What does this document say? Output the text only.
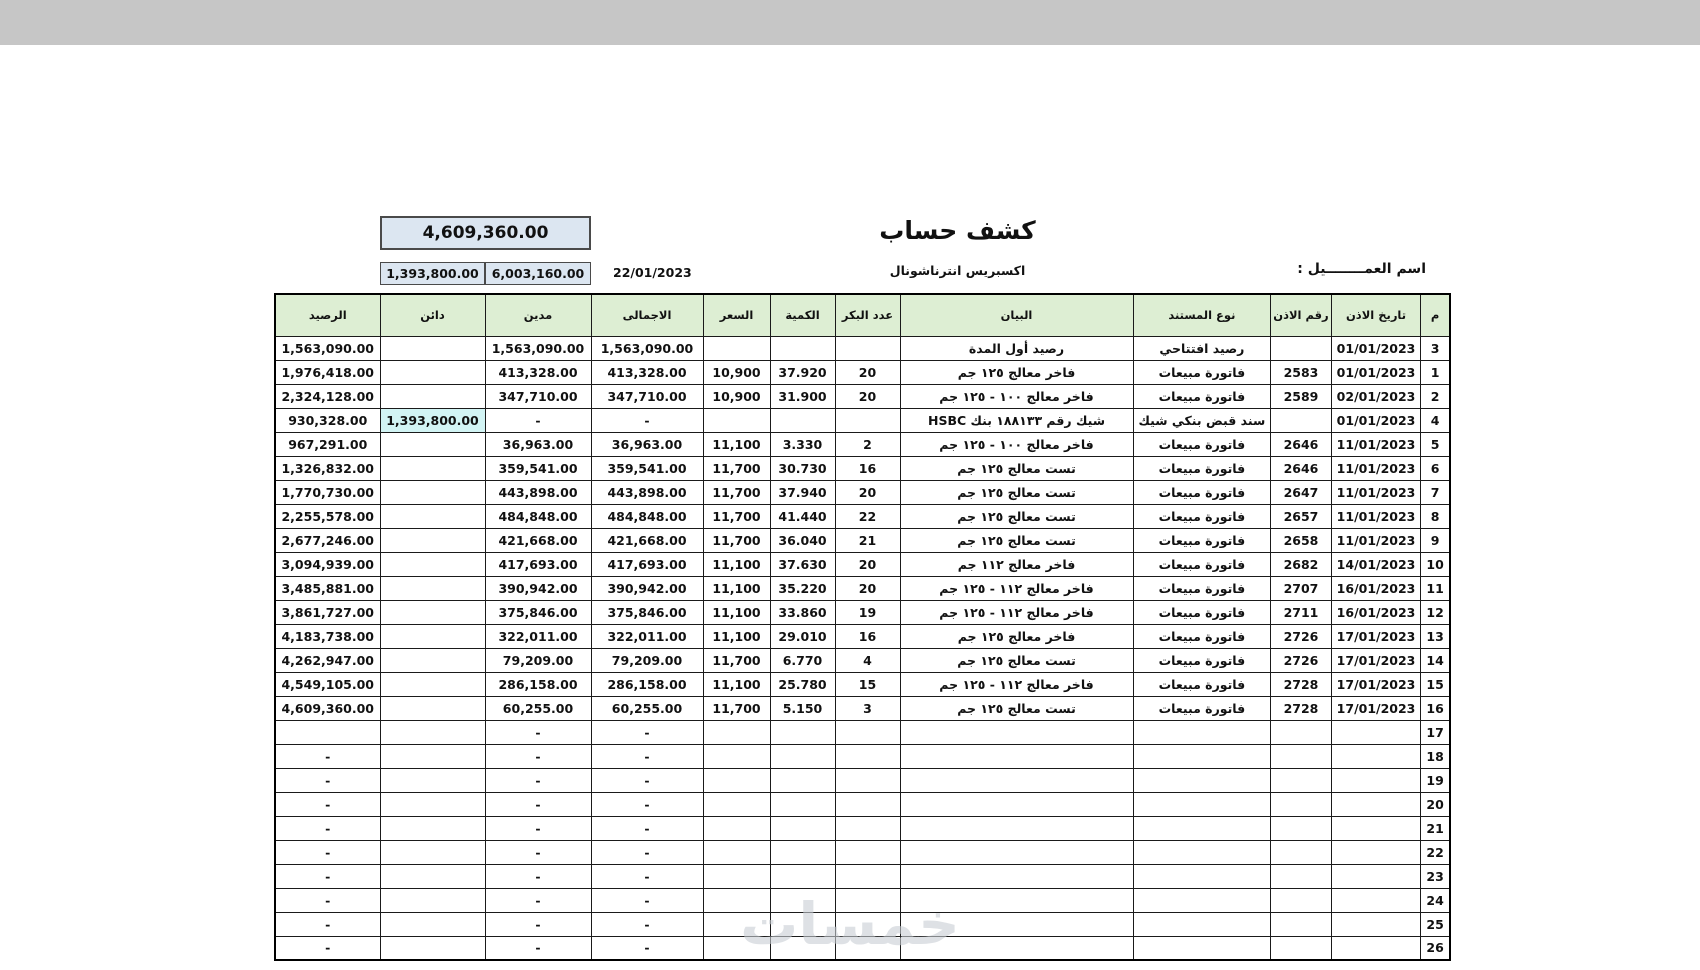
4,609,360.00
1,393,800.00	6,003,160.00	22/01/2023
كشف حساب
اكسبريس انترناشونال	اسم العمــــــــيل :
م	تاريخ الاذن	رقم الاذن	نوع المستند	البيان	عدد البكر	الكمية	السعر	الاجمالى	مدين	دائن	الرصيد
3	01/01/2023		رصيد افتتاحي	رصيد أول المدة				1,563,090.00	1,563,090.00		1,563,090.00
1	01/01/2023	2583	فاتورة مبيعات	فاخر معالج ١٢٥ جم	20	37.920	10,900	413,328.00	413,328.00		1,976,418.00
2	02/01/2023	2589	فاتورة مبيعات	فاخر معالج ١٠٠ - ١٢٥ جم	20	31.900	10,900	347,710.00	347,710.00		2,324,128.00
4	01/01/2023		سند قبض بنكي شيك	شيك رقم ١٨٨١٣٣ بنك HSBC				-	-	1,393,800.00	930,328.00
5	11/01/2023	2646	فاتورة مبيعات	فاخر معالج ١٠٠ - ١٢٥ جم	2	3.330	11,100	36,963.00	36,963.00		967,291.00
6	11/01/2023	2646	فاتورة مبيعات	تست معالج ١٢٥ جم	16	30.730	11,700	359,541.00	359,541.00		1,326,832.00
7	11/01/2023	2647	فاتورة مبيعات	تست معالج ١٢٥ جم	20	37.940	11,700	443,898.00	443,898.00		1,770,730.00
8	11/01/2023	2657	فاتورة مبيعات	تست معالج ١٢٥ جم	22	41.440	11,700	484,848.00	484,848.00		2,255,578.00
9	11/01/2023	2658	فاتورة مبيعات	تست معالج ١٢٥ جم	21	36.040	11,700	421,668.00	421,668.00		2,677,246.00
10	14/01/2023	2682	فاتورة مبيعات	فاخر معالج ١١٢ جم	20	37.630	11,100	417,693.00	417,693.00		3,094,939.00
11	16/01/2023	2707	فاتورة مبيعات	فاخر معالج ١١٢ - ١٢٥ جم	20	35.220	11,100	390,942.00	390,942.00		3,485,881.00
12	16/01/2023	2711	فاتورة مبيعات	فاخر معالج ١١٢ - ١٢٥ جم	19	33.860	11,100	375,846.00	375,846.00		3,861,727.00
13	17/01/2023	2726	فاتورة مبيعات	فاخر معالج ١٢٥ جم	16	29.010	11,100	322,011.00	322,011.00		4,183,738.00
14	17/01/2023	2726	فاتورة مبيعات	تست معالج ١٢٥ جم	4	6.770	11,700	79,209.00	79,209.00		4,262,947.00
15	17/01/2023	2728	فاتورة مبيعات	فاخر معالج ١١٢ - ١٢٥ جم	15	25.780	11,100	286,158.00	286,158.00		4,549,105.00
16	17/01/2023	2728	فاتورة مبيعات	تست معالج ١٢٥ جم	3	5.150	11,700	60,255.00	60,255.00		4,609,360.00
17								-	-		
18								-	-		-
19								-	-		-
20								-	-		-
21								-	-		-
22								-	-		-
23								-	-		-
24								-	-		-
25								-	-		-
26								-	-		-	خمسات
